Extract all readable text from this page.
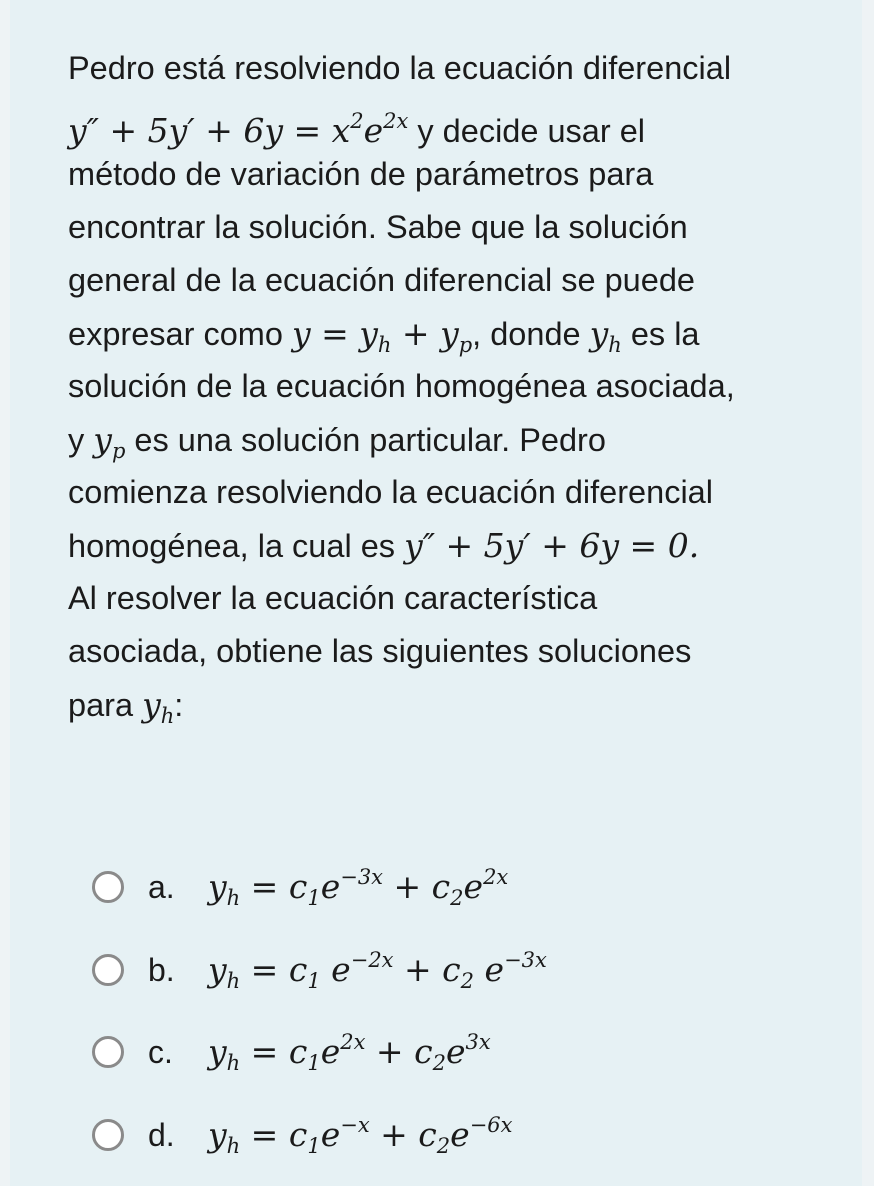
Pedro está resolviendo la ecuación diferencial
$y'' + 5y' + 6y = x^2e^{2x}$ y decide usar el
método de variación de parámetros para
encontrar la solución. Sabe que la solución
general de la ecuación diferencial se puede
expresar como $y = y_h + y_p$, donde $y_h$ es la
solución de la ecuación homogénea asociada,
y $y_p$ es una solución particular. Pedro
comienza resolviendo la ecuación diferencial
homogénea, la cual es y″ + 5y′ + 6y = 0.
Al resolver la ecuación característica
asociada, obtiene las siguientes soluciones
para $y_h$:
a.	$y_h = c_1e^{-3x} + c_2e^{2x}$
b.	$y_h = c_1$ $e^{-2x} + c_2$ $e^{-3x}$
c.	$y_h = c_1e^{2x} + c_2e^{3x}$
d.	$y_h = c_1e^{-x} + c_2e^{-6x}$
